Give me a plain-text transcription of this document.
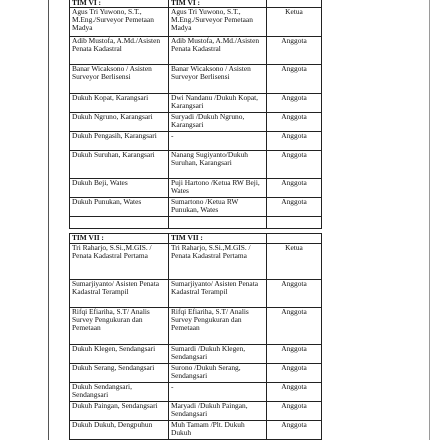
TIM VI :	TIM VI :	
Agus Tri Yuwono, S.T., M.Eng./Surveyor Pemetaan Madya	Agus Tri Yuwono, S.T., M.Eng./Surveyor Pemetaan Madya	Ketua
Adib Mustofa, A.Md./Asisten Penata Kadastral	Adib Mustofa, A.Md./Asisten Penata Kadastral	Anggota
Banar Wicaksono / Asisten Surveyor Berlisensi	Banar Wicaksono / Asisten Surveyor Berlisensi	Anggota
Dukuh Kopat, Karangsari	Dwi Nandanu /Dukuh Kopat, Karangsari	Anggota
Dukuh Ngruno, Karangsari	Suryadi /Dukuh Ngruno, Karangsari	Anggota
Dukuh Pengasih, Karangsari	-	Anggota
Dukuh Suruhan, Karangsari	Nanang Sugiyanto/Dukuh Suruhan, Karangsari	Anggota
Dukuh Beji, Wates	Puji Hartono /Ketua RW Beji, Wates	Anggota
Dukuh Punukan, Wates	Sumartono /Ketua RW Punukan, Wates	Anggota

TIM VII :	TIM VII :	
Tri Raharjo, S.Si.,M.GIS. / Penata Kadastral Pertama	Tri Raharjo, S.Si.,M.GIS. / Penata Kadastral Pertama	Ketua
Sumarjiyanto/ Asisten Penata Kadastral Terampil	Sumarjiyanto/ Asisten Penata Kadastral Terampil	Anggota
Rifqi Efiariha, S.T/ Analis Survey Pengukuran dan Pemetaan	Rifqi Efiariha, S.T/ Analis Survey Pengukuran dan Pemetaan	Anggota
Dukuh Klegen, Sendangsari	Sumardi /Dukuh Klegen, Sendangsari	Anggota
Dukuh Serang, Sendangsari	Surono /Dukuh Serang, Sendangsari	Anggota
Dukuh Sendangsari, Sendangsari	-	Anggota
Dukuh Paingan, Sendangsari	Maryadi /Dukuh Paingan, Sendangsari	Anggota
Dukuh Dukuh, Dengpuhun	Muh Tamam /Plt. Dukuh Dukuh	Anggota
